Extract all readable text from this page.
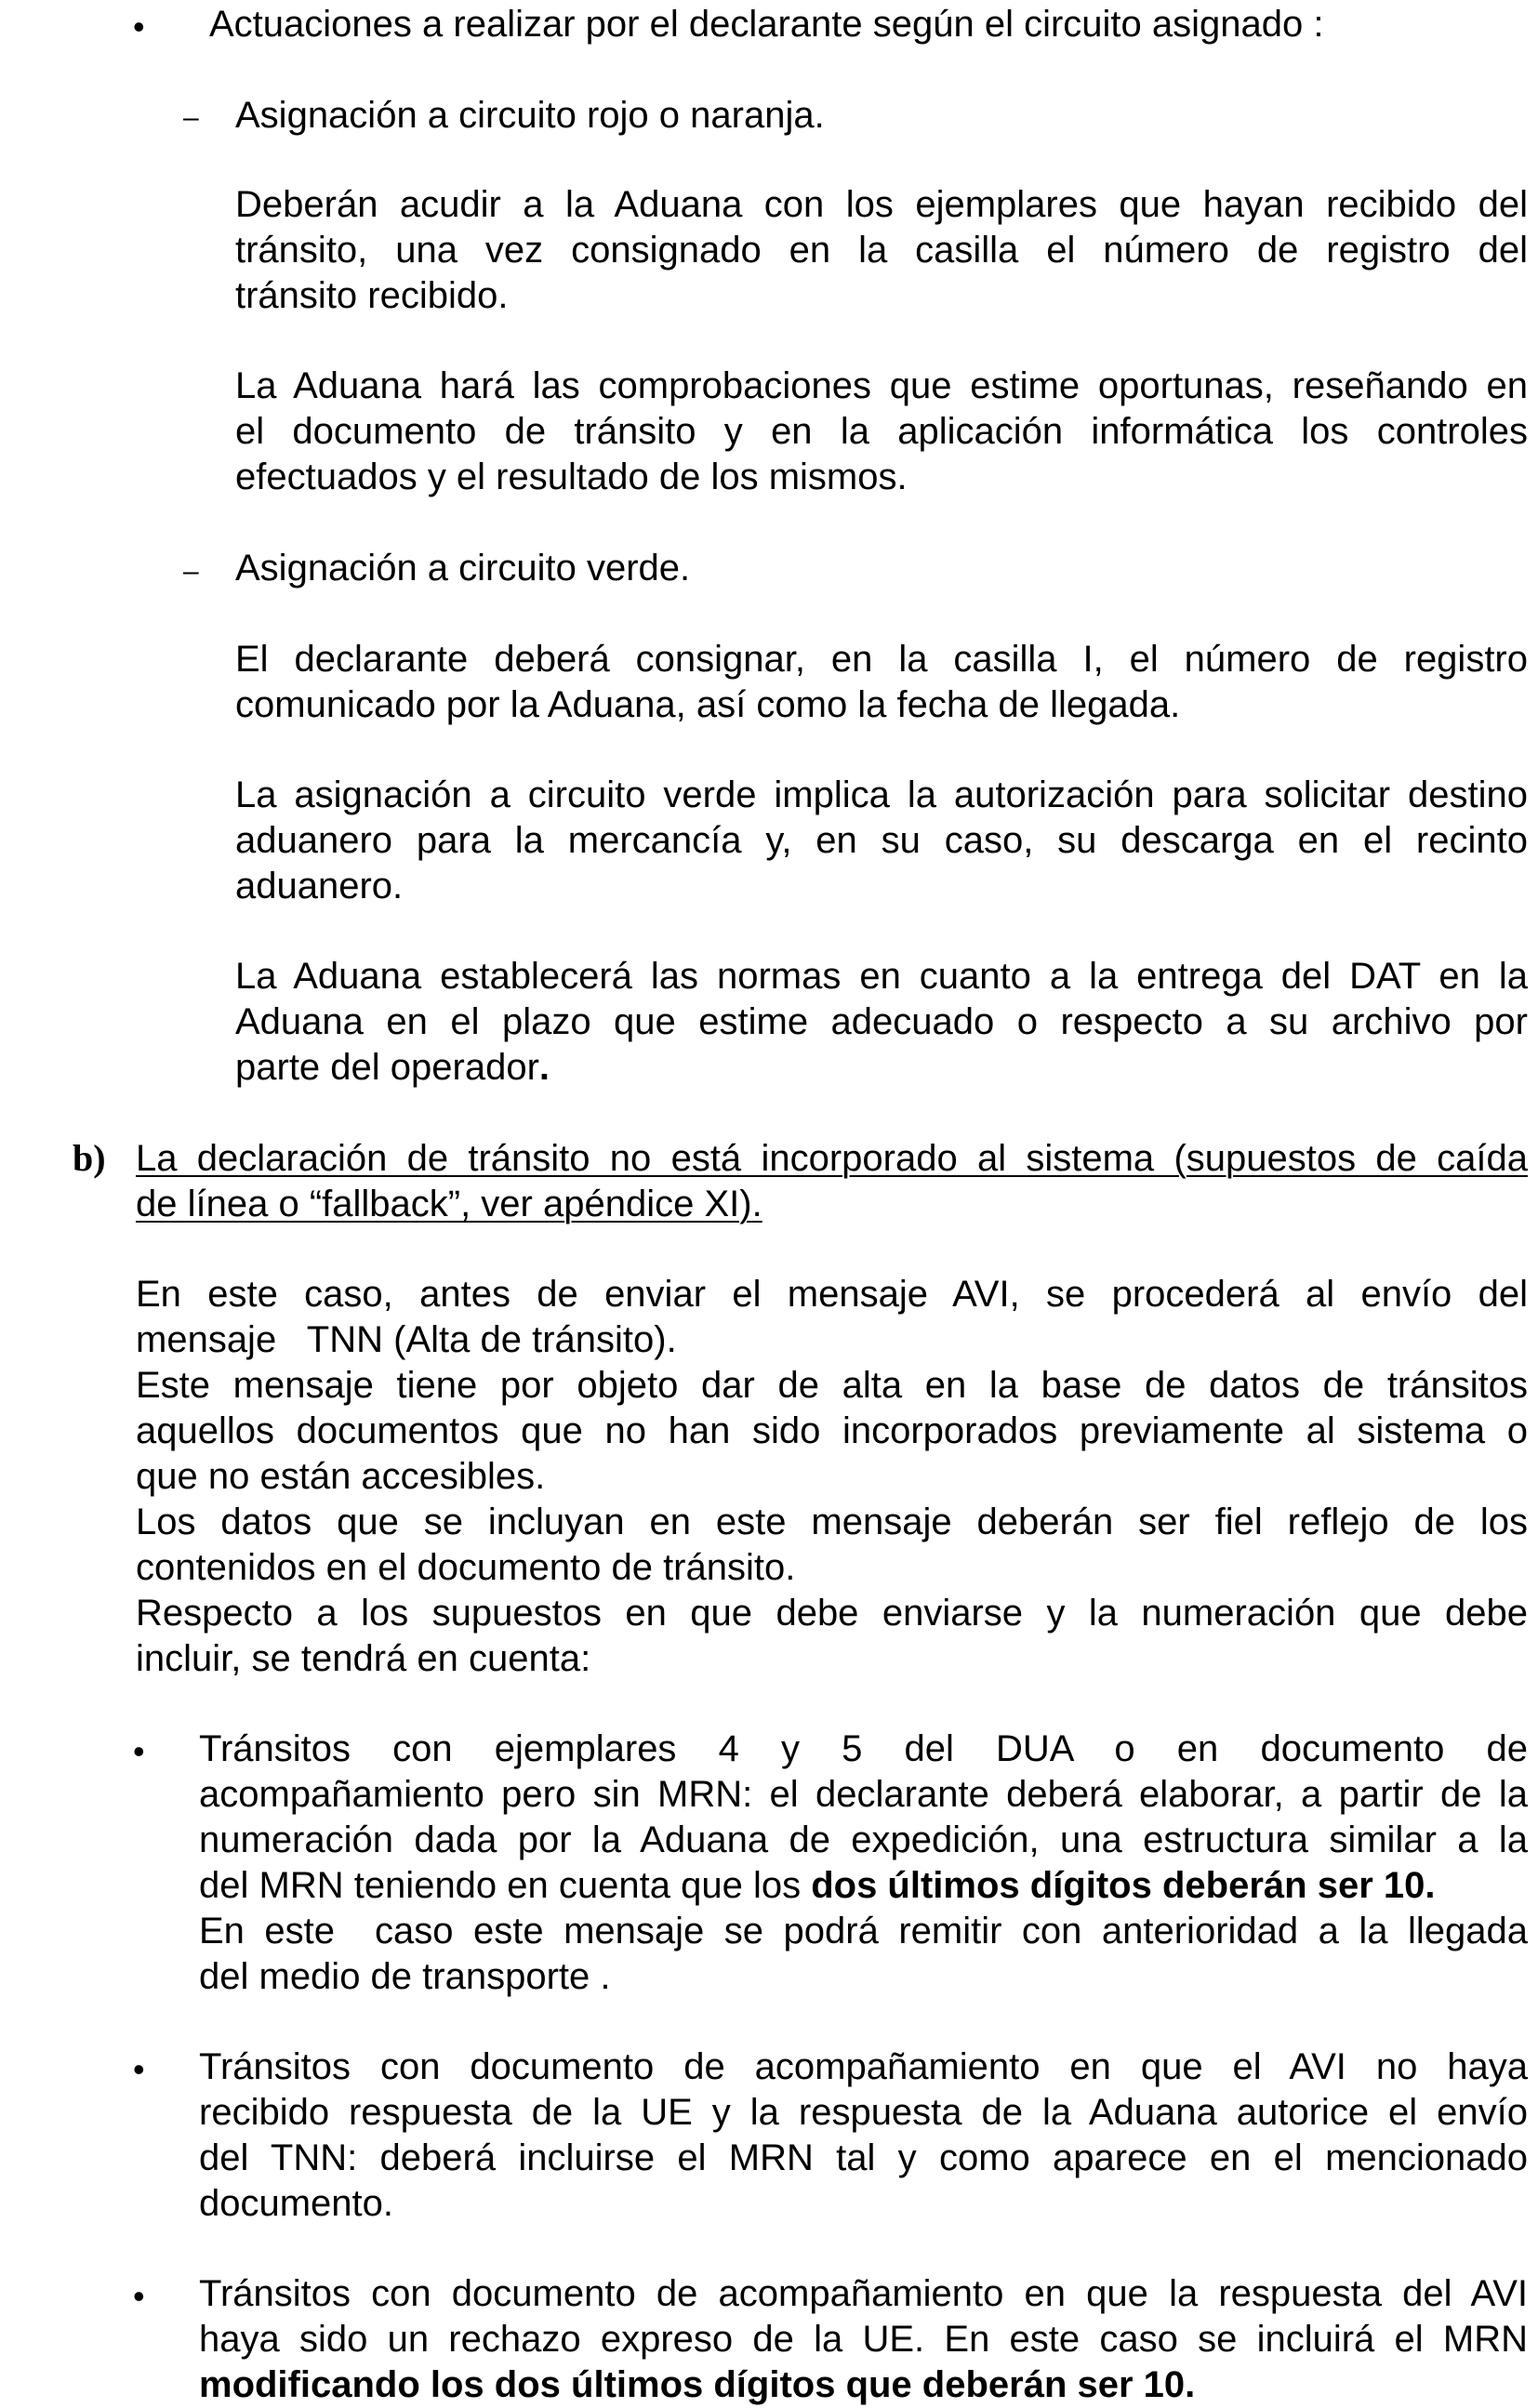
• Actuaciones a realizar por el declarante según el circuito asignado :
– Asignación a circuito rojo o naranja.
Deberán acudir a la Aduana con los ejemplares que hayan recibido del
tránsito, una vez consignado en la casilla el número de registro del
tránsito recibido.
La Aduana hará las comprobaciones que estime oportunas, reseñando en
el documento de tránsito y en la aplicación informática los controles
efectuados y el resultado de los mismos.
– Asignación a circuito verde.
El declarante deberá consignar, en la casilla I, el número de registro
comunicado por la Aduana, así como la fecha de llegada.
La asignación a circuito verde implica la autorización para solicitar destino
aduanero para la mercancía y, en su caso, su descarga en el recinto
aduanero.
La Aduana establecerá las normas en cuanto a la entrega del DAT en la
Aduana en el plazo que estime adecuado o respecto a su archivo por
parte del operador.
b) La declaración de tránsito no está incorporado al sistema (supuestos de caída
de línea o “fallback”, ver apéndice XI).
En este caso, antes de enviar el mensaje AVI, se procederá al envío del
mensaje   TNN (Alta de tránsito).
Este mensaje tiene por objeto dar de alta en la base de datos de tránsitos
aquellos documentos que no han sido incorporados previamente al sistema o
que no están accesibles.
Los datos que se incluyan en este mensaje deberán ser fiel reflejo de los
contenidos en el documento de tránsito.
Respecto a los supuestos en que debe enviarse y la numeración que debe
incluir, se tendrá en cuenta:
• Tránsitos con ejemplares 4 y 5 del DUA o en documento de
acompañamiento pero sin MRN: el declarante deberá elaborar, a partir de la
numeración dada por la Aduana de expedición, una estructura similar a la
del MRN teniendo en cuenta que los dos últimos dígitos deberán ser 10.
En este  caso este mensaje se podrá remitir con anterioridad a la llegada
del medio de transporte .
• Tránsitos con documento de acompañamiento en que el AVI no haya
recibido respuesta de la UE y la respuesta de la Aduana autorice el envío
del TNN: deberá incluirse el MRN tal y como aparece en el mencionado
documento.
• Tránsitos con documento de acompañamiento en que la respuesta del AVI
haya sido un rechazo expreso de la UE. En este caso se incluirá el MRN
modificando los dos últimos dígitos que deberán ser 10.
